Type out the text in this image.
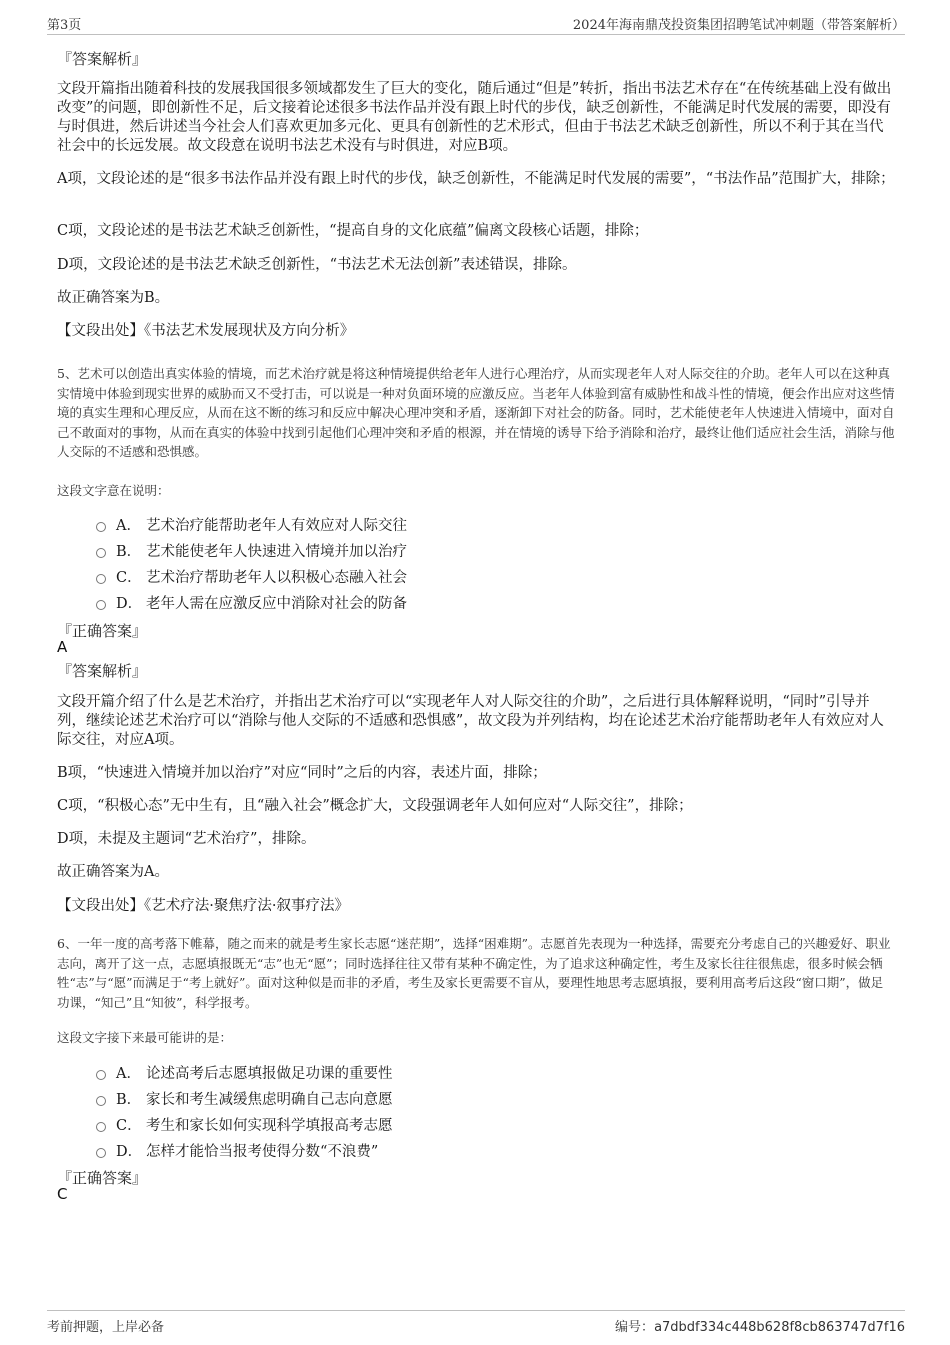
第3页	2024年海南鼎茂投资集团招聘笔试冲刺题（带答案解析）
『答案解析』
文段开篇指出随着科技的发展我国很多领域都发生了巨大的变化，随后通过“但是”转折，指出书法艺术存在“在传统基础上没有做出改变”的问题，即创新性不足，后文接着论述很多书法作品并没有跟上时代的步伐，缺乏创新性，不能满足时代发展的需要，即没有与时俱进，然后讲述当今社会人们喜欢更加多元化、更具有创新性的艺术形式，但由于书法艺术缺乏创新性，所以不利于其在当代社会中的长远发展。故文段意在说明书法艺术没有与时俱进，对应B项。
A项，文段论述的是“很多书法作品并没有跟上时代的步伐，缺乏创新性，不能满足时代发展的需要”，“书法作品”范围扩大，排除；
C项，文段论述的是书法艺术缺乏创新性，“提高自身的文化底蕴”偏离文段核心话题，排除；
D项，文段论述的是书法艺术缺乏创新性，“书法艺术无法创新”表述错误，排除。
故正确答案为B。
【文段出处】《书法艺术发展现状及方向分析》
5、艺术可以创造出真实体验的情境，而艺术治疗就是将这种情境提供给老年人进行心理治疗，从而实现老年人对人际交往的介助。老年人可以在这种真实情境中体验到现实世界的威胁而又不受打击，可以说是一种对负面环境的应激反应。当老年人体验到富有威胁性和战斗性的情境，便会作出应对这些情境的真实生理和心理反应，从而在这不断的练习和反应中解决心理冲突和矛盾，逐渐卸下对社会的防备。同时，艺术能使老年人快速进入情境中，面对自己不敢面对的事物，从而在真实的体验中找到引起他们心理冲突和矛盾的根源，并在情境的诱导下给予消除和治疗，最终让他们适应社会生活，消除与他人交际的不适感和恐惧感。
这段文字意在说明：
A． 艺术治疗能帮助老年人有效应对人际交往
B． 艺术能使老年人快速进入情境并加以治疗
C． 艺术治疗帮助老年人以积极心态融入社会
D． 老年人需在应激反应中消除对社会的防备
『正确答案』
A
『答案解析』
文段开篇介绍了什么是艺术治疗，并指出艺术治疗可以“实现老年人对人际交往的介助”，之后进行具体解释说明，“同时”引导并列，继续论述艺术治疗可以“消除与他人交际的不适感和恐惧感”，故文段为并列结构，均在论述艺术治疗能帮助老年人有效应对人际交往，对应A项。
B项，“快速进入情境并加以治疗”对应“同时”之后的内容，表述片面，排除；
C项，“积极心态”无中生有，且“融入社会”概念扩大，文段强调老年人如何应对“人际交往”，排除；
D项，未提及主题词“艺术治疗”，排除。
故正确答案为A。
【文段出处】《艺术疗法·聚焦疗法·叙事疗法》
6、一年一度的高考落下帷幕，随之而来的就是考生家长志愿“迷茫期”，选择“困难期”。志愿首先表现为一种选择，需要充分考虑自己的兴趣爱好、职业志向，离开了这一点，志愿填报既无“志”也无“愿”；同时选择往往又带有某种不确定性，为了追求这种确定性，考生及家长往往很焦虑，很多时候会牺牲“志”与“愿”而满足于“考上就好”。面对这种似是而非的矛盾，考生及家长更需要不盲从，要理性地思考志愿填报，要利用高考后这段“窗口期”，做足功课，“知己”且“知彼”，科学报考。
这段文字接下来最可能讲的是：
A． 论述高考后志愿填报做足功课的重要性
B． 家长和考生减缓焦虑明确自己志向意愿
C． 考生和家长如何实现科学填报高考志愿
D． 怎样才能恰当报考使得分数“不浪费”
『正确答案』
C
考前押题，上岸必备	编号：a7dbdf334c448b628f8cb863747d7f16
